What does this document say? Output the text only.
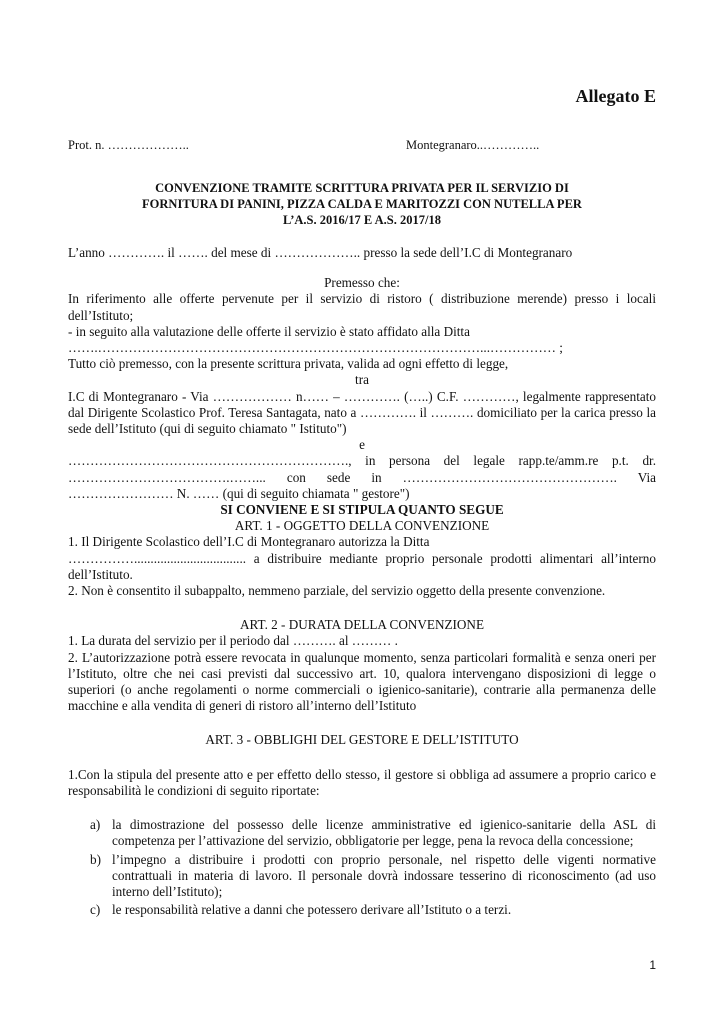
Allegato E
Prot. n. ………………..	Montegranaro..…………..
CONVENZIONE TRAMITE SCRITTURA PRIVATA PER IL SERVIZIO DI
FORNITURA DI PANINI, PIZZA CALDA E MARITOZZI CON NUTELLA PER
L’A.S. 2016/17 E A.S. 2017/18

L’anno …………. il ……. del mese di ……………….. presso la sede dell’I.C di Montegranaro

Premesso che:

In riferimento alle offerte pervenute per il servizio di ristoro ( distribuzione merende) presso i locali dell’Istituto;

- in seguito alla valutazione delle offerte il servizio è stato affidato alla Ditta

…….……………………………………………………………………………...…………… ;

Tutto ciò premesso, con la presente scrittura privata, valida ad ogni effetto di legge,

tra

I.C di Montegranaro - Via ……………… n…… – …………. (…..) C.F. …………, legalmente rappresentato dal Dirigente Scolastico Prof. Teresa Santagata, nato a …………. il ………. domiciliato per la carica presso la sede dell’Istituto (qui di seguito chiamato " Istituto")

e

………………………………………………………., in persona del legale rapp.te/amm.re p.t. dr. ……………………………….……... con sede in …………………………………………. Via …………………… N. …… (qui di seguito chiamata " gestore")

SI CONVIENE E SI STIPULA QUANTO SEGUE

ART. 1 - OGGETTO DELLA CONVENZIONE

1. Il Dirigente Scolastico dell’I.C di Montegranaro autorizza la Ditta

…………….................................. a distribuire mediante proprio personale prodotti alimentari all’interno dell’Istituto.

2. Non è consentito il subappalto, nemmeno parziale, del servizio oggetto della presente convenzione.

ART. 2 - DURATA DELLA CONVENZIONE

1. La durata del servizio per il periodo dal ………. al ……… .

2. L’autorizzazione potrà essere revocata in qualunque momento, senza particolari formalità e senza oneri per l’Istituto, oltre che nei casi previsti dal successivo art. 10, qualora intervengano disposizioni di legge o superiori (o anche regolamenti o norme commerciali o igienico-sanitarie), contrarie alla permanenza delle macchine e alla vendita di generi di ristoro all’interno dell’Istituto

ART. 3 - OBBLIGHI DEL GESTORE E DELL’ISTITUTO

1.Con la stipula del presente atto e per effetto dello stesso, il gestore si obbliga ad assumere a proprio carico e responsabilità le condizioni di seguito riportate:

a) la dimostrazione del possesso delle licenze amministrative ed igienico-sanitarie della ASL di competenza per l’attivazione del servizio, obbligatorie per legge, pena la revoca della concessione;
b) l’impegno a distribuire i prodotti con proprio personale, nel rispetto delle vigenti normative contrattuali in materia di lavoro. Il personale dovrà indossare tesserino di riconoscimento (ad uso interno dell’Istituto);
c) le responsabilità relative a danni che potessero derivare all’Istituto o a terzi.
1
